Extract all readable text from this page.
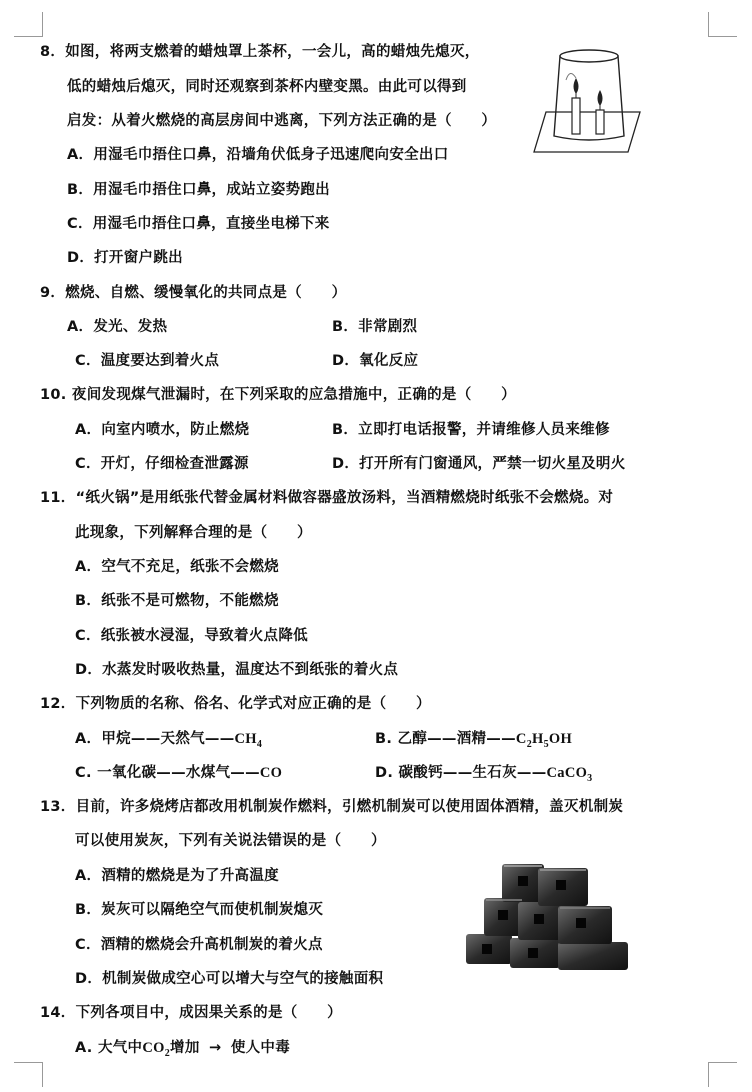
8．如图，将两支燃着的蜡烛罩上茶杯，一会儿，高的蜡烛先熄灭，
低的蜡烛后熄灭，同时还观察到茶杯内壁变黑。由此可以得到
启发：从着火燃烧的高层房间中逃离，下列方法正确的是（　　）
A．用湿毛巾捂住口鼻，沿墙角伏低身子迅速爬向安全出口
B．用湿毛巾捂住口鼻，成站立姿势跑出
C．用湿毛巾捂住口鼻，直接坐电梯下来
D．打开窗户跳出
9．燃烧、自燃、缓慢氧化的共同点是（　　）
A．发光、发热	B．非常剧烈
C．温度要达到着火点	D．氧化反应
10. 夜间发现煤气泄漏时，在下列采取的应急措施中，正确的是（　　）
A．向室内喷水，防止燃烧	B．立即打电话报警，并请维修人员来维修
C．开灯，仔细检查泄露源	D．打开所有门窗通风，严禁一切火星及明火
11．“纸火锅”是用纸张代替金属材料做容器盛放汤料，当酒精燃烧时纸张不会燃烧。对
此现象，下列解释合理的是（　　）
A．空气不充足，纸张不会燃烧
B．纸张不是可燃物，不能燃烧
C．纸张被水浸湿，导致着火点降低
D．水蒸发时吸收热量，温度达不到纸张的着火点
12．下列物质的名称、俗名、化学式对应正确的是（　　）
A．甲烷——天然气$——CH_4$	B. 乙醇——酒精$——C_2H_5OH$
C. 一氧化碳——水煤气——CO	D. 碳酸钙——生石灰——CaCO$_3$
13．目前，许多烧烤店都改用机制炭作燃料，引燃机制炭可以使用固体酒精，盖灭机制炭
可以使用炭灰，下列有关说法错误的是（　　）
A．酒精的燃烧是为了升高温度
B．炭灰可以隔绝空气而使机制炭熄灭
C．酒精的燃烧会升高机制炭的着火点
D．机制炭做成空心可以增大与空气的接触面积
14．下列各项目中，成因果关系的是（　　）
A. 大气中$CO_2$增加 → 使人中毒
